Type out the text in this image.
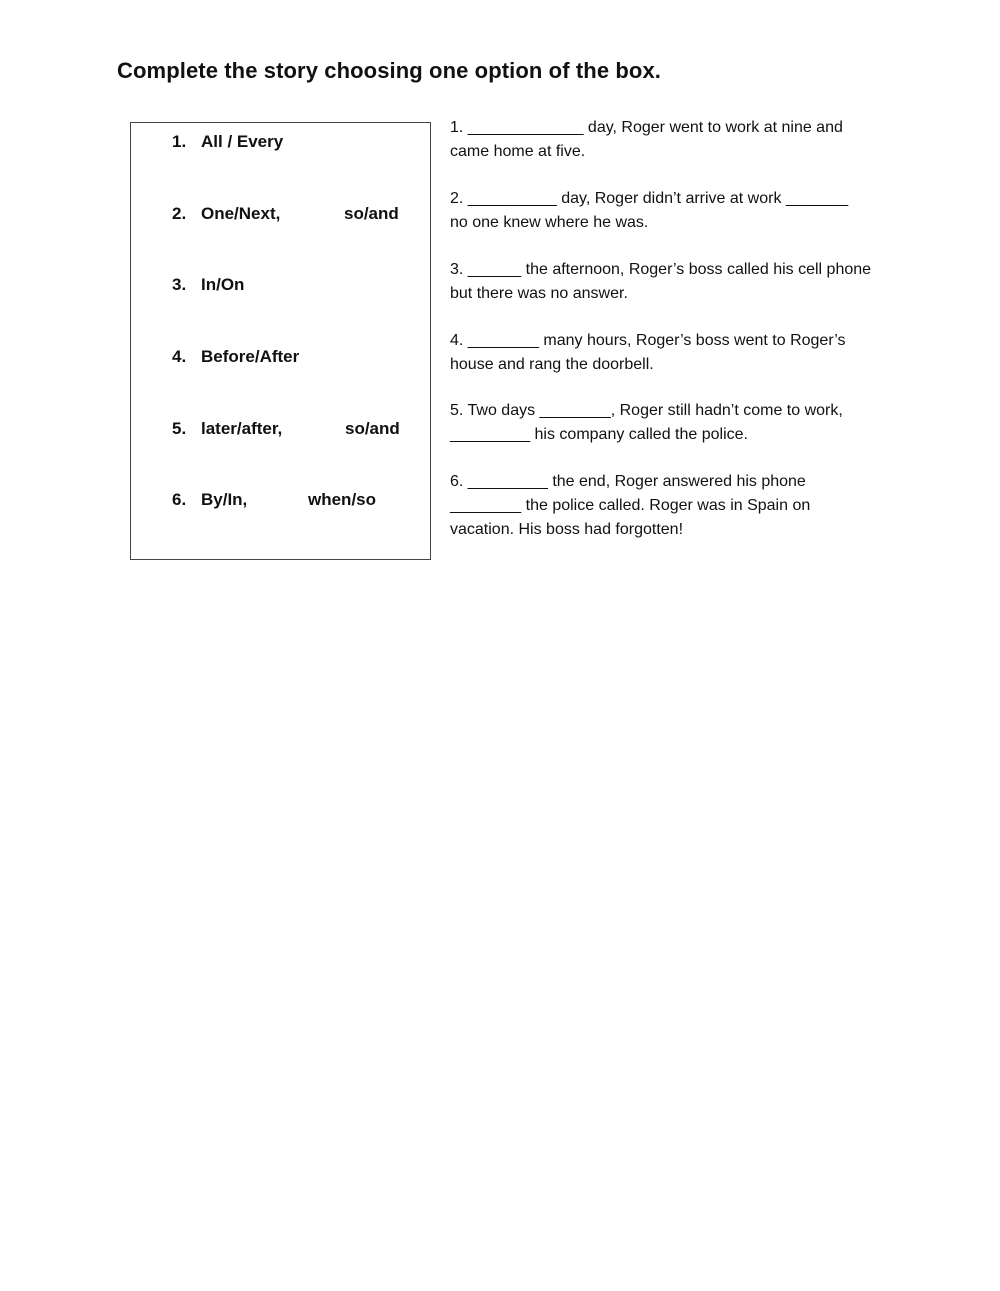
Complete the story choosing one option of the box.
1. All / Every
2. One/Next,	so/and
3. In/On
4. Before/After
5. later/after,	so/and
6. By/In,	when/so
1. _____________ day, Roger went to work at nine and
came home at five.
2. __________ day, Roger didn’t arrive at work _______
no one knew where he was.
3. ______ the afternoon, Roger’s boss called his cell phone
but there was no answer.
4. ________ many hours, Roger’s boss went to Roger’s
house and rang the doorbell.
5. Two days ________, Roger still hadn’t come to work,
_________ his company called the police.
6. _________ the end, Roger answered his phone
________ the police called. Roger was in Spain on
vacation. His boss had forgotten!
